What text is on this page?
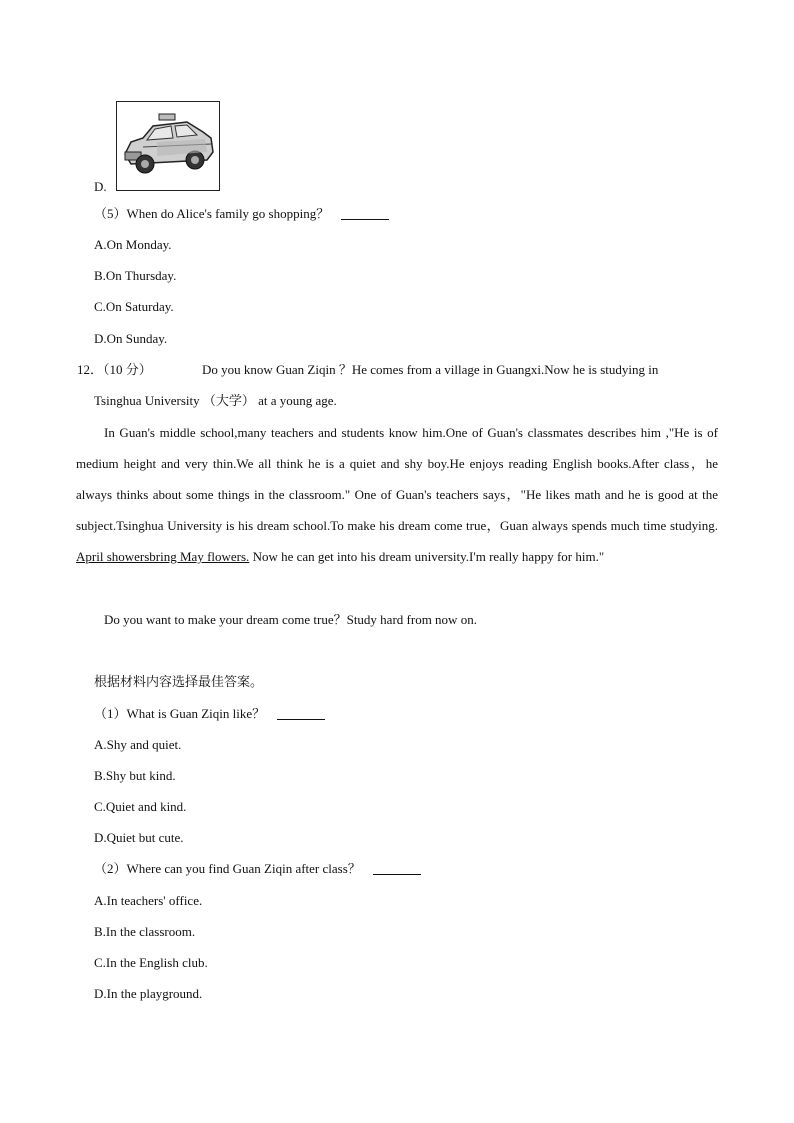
D.
（5）When do Alice's family go shopping？
A.On Monday.
B.On Thursday.
C.On Saturday.
D.On Sunday.
12．（10 分）	Do you know Guan Ziqin ？He comes from a village in Guangxi.Now he is studying in
Tsinghua University （大学） at a young age.
In Guan's middle school,many teachers and students know him.One of Guan's classmates describes him ,"He is of medium height and very thin.We all think he is a quiet and shy boy.He enjoys reading English books.After class，he always thinks about some things in the classroom." One of Guan's teachers says，"He likes math and he is good at the subject.Tsinghua University is his dream school.To make his dream come true，Guan always spends much time studying. April showersbring May flowers. Now he can get into his dream university.I'm really happy for him."
Do you want to make your dream come true？Study hard from now on.
根据材料内容选择最佳答案。
（1）What is Guan Ziqin like？
A.Shy and quiet.
B.Shy but kind.
C.Quiet and kind.
D.Quiet but cute.
（2）Where can you find Guan Ziqin after class？
A.In teachers' office.
B.In the classroom.
C.In the English club.
D.In the playground.
